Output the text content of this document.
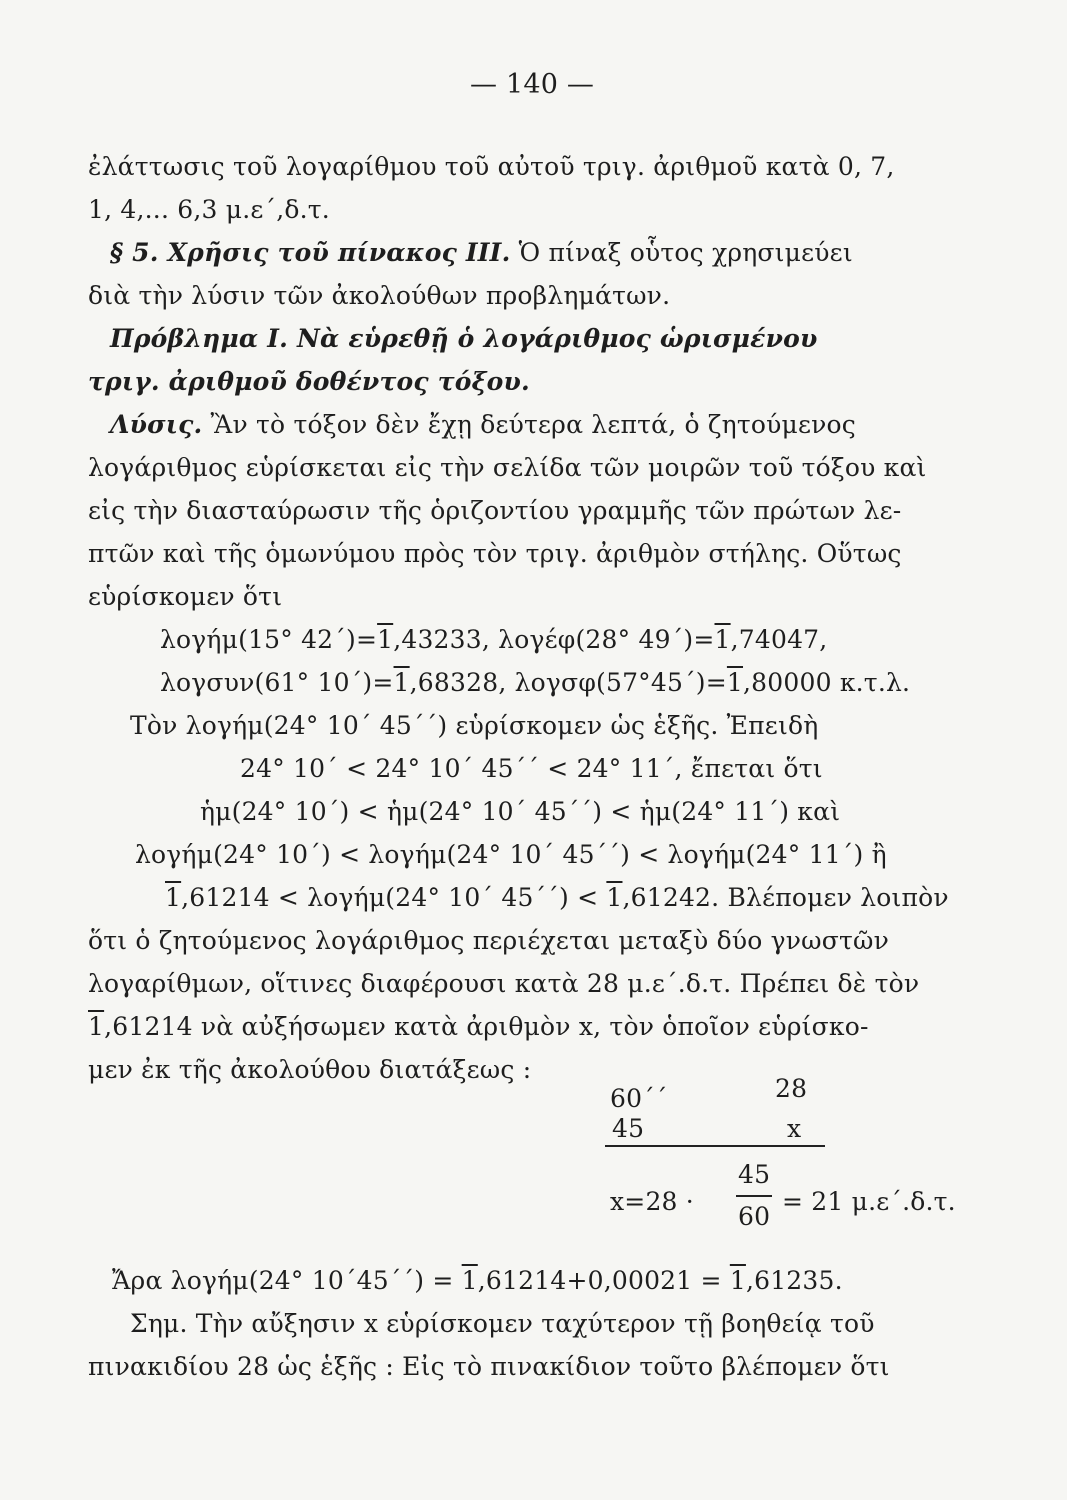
— 140 —
ἐλάττωσις τοῦ λογαρίθμου τοῦ αὐτοῦ τριγ. ἀριθμοῦ κατὰ 0, 7,
1, 4,... 6,3 μ.ε΄,δ.τ.
§ 5. Χρῆσις τοῦ πίνακος ΙΙΙ. Ὁ πίναξ οὗτος χρησιμεύει
διὰ τὴν λύσιν τῶν ἀκολούθων προβλημάτων.
Πρόβλημα Ι. Νὰ εὑρεθῇ ὁ λογάριθμος ὡρισμένου
τριγ. ἀριθμοῦ δοθέντος τόξου.
Λύσις. Ἂν τὸ τόξον δὲν ἔχῃ δεύτερα λεπτά, ὁ ζητούμενος
λογάριθμος εὑρίσκεται εἰς τὴν σελίδα τῶν μοιρῶν τοῦ τόξου καὶ
εἰς τὴν διασταύρωσιν τῆς ὁριζοντίου γραμμῆς τῶν πρώτων λε-
πτῶν καὶ τῆς ὁμωνύμου πρὸς τὸν τριγ. ἀριθμὸν στήλης. Οὕτως
εὑρίσκομεν ὅτι
λογήμ(15° 42΄)=1,43233, λογέφ(28° 49΄)=1,74047,
λογσυν(61° 10΄)=1,68328, λογσφ(57°45΄)=1,80000 κ.τ.λ.
Τὸν λογήμ(24° 10΄ 45΄΄) εὑρίσκομεν ὡς ἑξῆς. Ἐπειδὴ
24° 10΄ < 24° 10΄ 45΄΄ < 24° 11΄, ἔπεται ὅτι
ἡμ(24° 10΄) < ἡμ(24° 10΄ 45΄΄) < ἡμ(24° 11΄) καὶ
λογήμ(24° 10΄) < λογήμ(24° 10΄ 45΄΄) < λογήμ(24° 11΄) ἢ
1,61214 < λογήμ(24° 10΄ 45΄΄) < 1,61242. Βλέπομεν λοιπὸν
ὅτι ὁ ζητούμενος λογάριθμος περιέχεται μεταξὺ δύο γνωστῶν
λογαρίθμων, οἵτινες διαφέρουσι κατὰ 28 μ.ε΄.δ.τ. Πρέπει δὲ τὸν
1,61214 νὰ αὐξήσωμεν κατὰ ἀριθμὸν x, τὸν ὁποῖον εὑρίσκο-
μεν ἐκ τῆς ἀκολούθου διατάξεως :
60΄΄	28
45	x
x=28 ·
45
60
= 21 μ.ε΄.δ.τ.
Ἄρα λογήμ(24° 10΄45΄΄) = 1,61214+0,00021 = 1,61235.
Σημ. Τὴν αὔξησιν x εὑρίσκομεν ταχύτερον τῇ βοηθείᾳ τοῦ
πινακιδίου 28 ὡς ἑξῆς : Εἰς τὸ πινακίδιον τοῦτο βλέπομεν ὅτι
